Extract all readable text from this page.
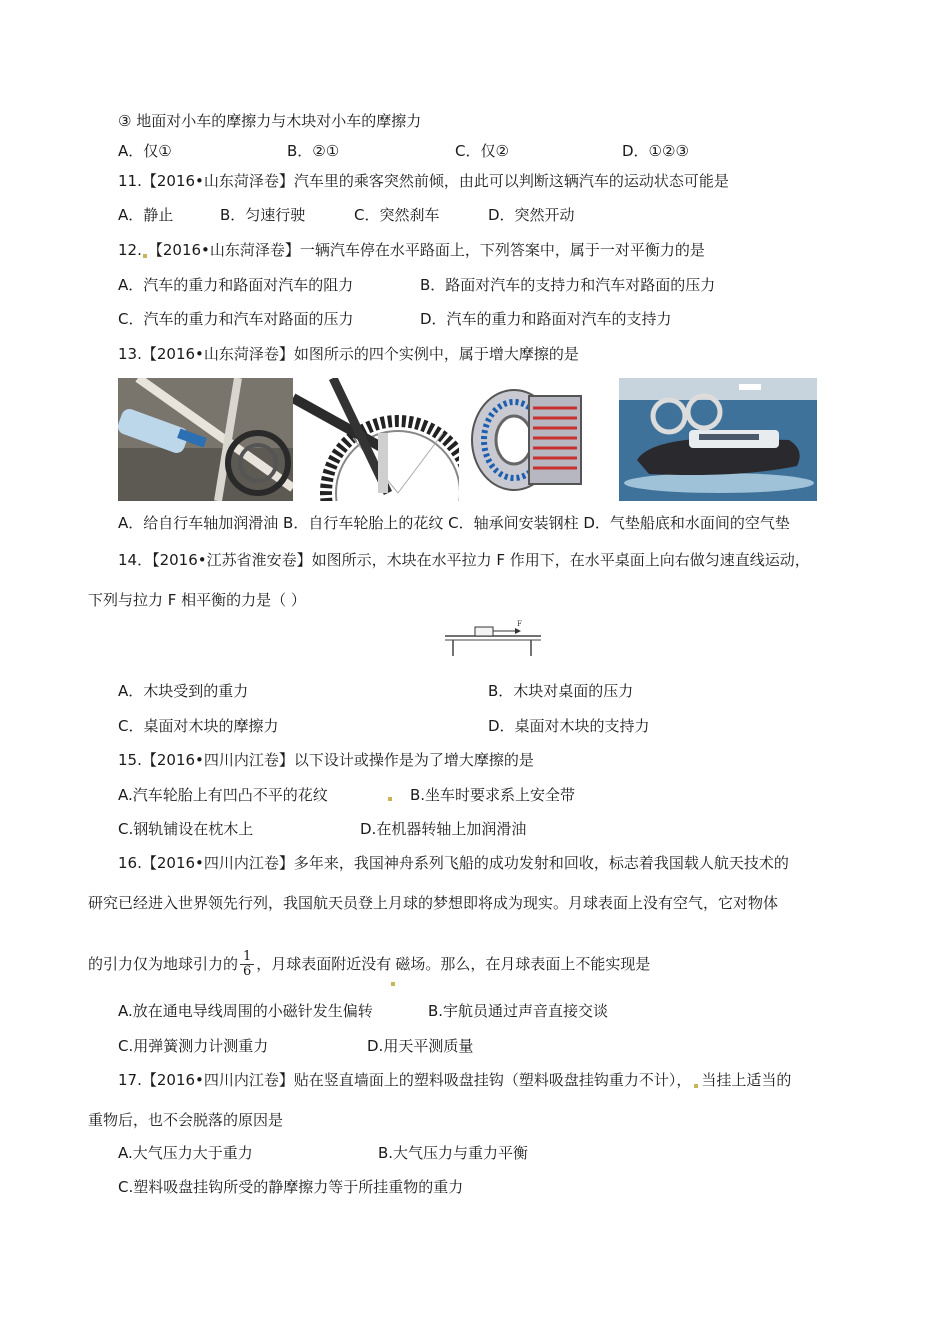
③ 地面对小车的摩擦力与木块对小车的摩擦力
A．仅①	B．②①	C．仅②	D．①②③
11.【2016•山东菏泽卷】汽车里的乘客突然前倾，由此可以判断这辆汽车的运动状态可能是
A．静止	B．匀速行驶	C．突然刹车	D．突然开动
12. 【2016•山东菏泽卷】一辆汽车停在水平路面上，下列答案中，属于一对平衡力的是
A．汽车的重力和路面对汽车的阻力	B．路面对汽车的支持力和汽车对路面的压力
C．汽车的重力和汽车对路面的压力	D．汽车的重力和路面对汽车的支持力
13.【2016•山东菏泽卷】如图所示的四个实例中，属于增大摩擦的是
A．给自行车轴加润滑油 B．自行车轮胎上的花纹 C．轴承间安装钢柱 D．气垫船底和水面间的空气垫
14．【2016•江苏省淮安卷】如图所示，木块在水平拉力 F 作用下，在水平桌面上向右做匀速直线运动，
下列与拉力 F 相平衡的力是（ ）
F
A．木块受到的重力	B．木块对桌面的压力
C．桌面对木块的摩擦力	D．桌面对木块的支持力
15.【2016•四川内江卷】以下设计或操作是为了增大摩擦的是
A.汽车轮胎上有凹凸不平的花纹	B.坐车时要求系上安全带
C.钢轨铺设在枕木上	D.在机器转轴上加润滑油
16.【2016•四川内江卷】多年来，我国神舟系列飞船的成功发射和回收，标志着我国载人航天技术的
研究已经进入世界领先行列，我国航天员登上月球的梦想即将成为现实。月球表面上没有空气，它对物体
的引力仅为地球引力的 $\frac{1}{6}$ ，月球表面附近没有 磁场。那么，在月球表面上不能实现是
A.放在通电导线周围的小磁针发生偏转	B.宇航员通过声音直接交谈
C.用弹簧测力计测重力	D.用天平测质量
17.【2016•四川内江卷】贴在竖直墙面上的塑料吸盘挂钩（塑料吸盘挂钩重力不计）， 当挂上适当的
重物后，也不会脱落的原因是
A.大气压力大于重力	B.大气压力与重力平衡
C.塑料吸盘挂钩所受的静摩擦力等于所挂重物的重力
